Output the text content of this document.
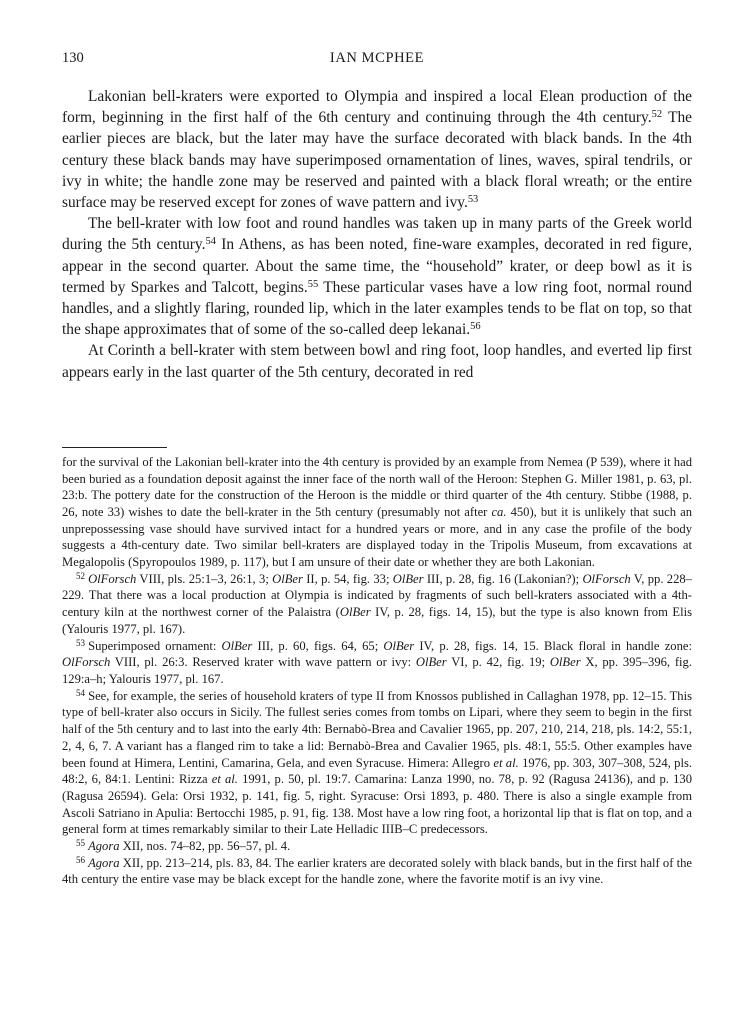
130	IAN MCPHEE

Lakonian bell-kraters were exported to Olympia and inspired a local Elean production of the form, beginning in the first half of the 6th century and continuing through the 4th century.$^{52}$ The earlier pieces are black, but the later may have the surface decorated with black bands. In the 4th century these black bands may have superimposed ornamentation of lines, waves, spiral tendrils, or ivy in white; the handle zone may be reserved and painted with a black floral wreath; or the entire surface may be reserved except for zones of wave pattern and ivy.$^{53}$

The bell-krater with low foot and round handles was taken up in many parts of the Greek world during the 5th century.$^{54}$ In Athens, as has been noted, fine-ware examples, decorated in red figure, appear in the second quarter. About the same time, the “household” krater, or deep bowl as it is termed by Sparkes and Talcott, begins.$^{55}$ These particular vases have a low ring foot, normal round handles, and a slightly flaring, rounded lip, which in the later examples tends to be flat on top, so that the shape approximates that of some of the so-called deep lekanai.$^{56}$

At Corinth a bell-krater with stem between bowl and ring foot, loop handles, and everted lip first appears early in the last quarter of the 5th century, decorated in red

for the survival of the Lakonian bell-krater into the 4th century is provided by an example from Nemea (P 539), where it had been buried as a foundation deposit against the inner face of the north wall of the Heroon: Stephen G. Miller 1981, p. 63, pl. 23:b. The pottery date for the construction of the Heroon is the middle or third quarter of the 4th century. Stibbe (1988, p. 26, note 33) wishes to date the bell-krater in the 5th century (presumably not after ca. 450), but it is unlikely that such an unprepossessing vase should have survived intact for a hundred years or more, and in any case the profile of the body suggests a 4th-century date. Two similar bell-kraters are displayed today in the Tripolis Museum, from excavations at Megalopolis (Spyropoulos 1989, p. 117), but I am unsure of their date or whether they are both Lakonian.

$^{52}$ OlForsch VIII, pls. 25:1–3, 26:1, 3; OlBer II, p. 54, fig. 33; OlBer III, p. 28, fig. 16 (Lakonian?); OlForsch V, pp. 228–229. That there was a local production at Olympia is indicated by fragments of such bell-kraters associated with a 4th-century kiln at the northwest corner of the Palaistra (OlBer IV, p. 28, figs. 14, 15), but the type is also known from Elis (Yalouris 1977, pl. 167).

$^{53}$ Superimposed ornament: OlBer III, p. 60, figs. 64, 65; OlBer IV, p. 28, figs. 14, 15. Black floral in handle zone: OlForsch VIII, pl. 26:3. Reserved krater with wave pattern or ivy: OlBer VI, p. 42, fig. 19; OlBer X, pp. 395–396, fig. 129:a–h; Yalouris 1977, pl. 167.

$^{54}$ See, for example, the series of household kraters of type II from Knossos published in Callaghan 1978, pp. 12–15. This type of bell-krater also occurs in Sicily. The fullest series comes from tombs on Lipari, where they seem to begin in the first half of the 5th century and to last into the early 4th: Bernabò-Brea and Cavalier 1965, pp. 207, 210, 214, 218, pls. 14:2, 55:1, 2, 4, 6, 7. A variant has a flanged rim to take a lid: Bernabò-Brea and Cavalier 1965, pls. 48:1, 55:5. Other examples have been found at Himera, Lentini, Camarina, Gela, and even Syracuse. Himera: Allegro et al. 1976, pp. 303, 307–308, 524, pls. 48:2, 6, 84:1. Lentini: Rizza et al. 1991, p. 50, pl. 19:7. Camarina: Lanza 1990, no. 78, p. 92 (Ragusa 24136), and p. 130 (Ragusa 26594). Gela: Orsi 1932, p. 141, fig. 5, right. Syracuse: Orsi 1893, p. 480. There is also a single example from Ascoli Satriano in Apulia: Bertocchi 1985, p. 91, fig. 138. Most have a low ring foot, a horizontal lip that is flat on top, and a general form at times remarkably similar to their Late Helladic IIIB–C predecessors.

$^{55}$ Agora XII, nos. 74–82, pp. 56–57, pl. 4.

$^{56}$ Agora XII, pp. 213–214, pls. 83, 84. The earlier kraters are decorated solely with black bands, but in the first half of the 4th century the entire vase may be black except for the handle zone, where the favorite motif is an ivy vine.
